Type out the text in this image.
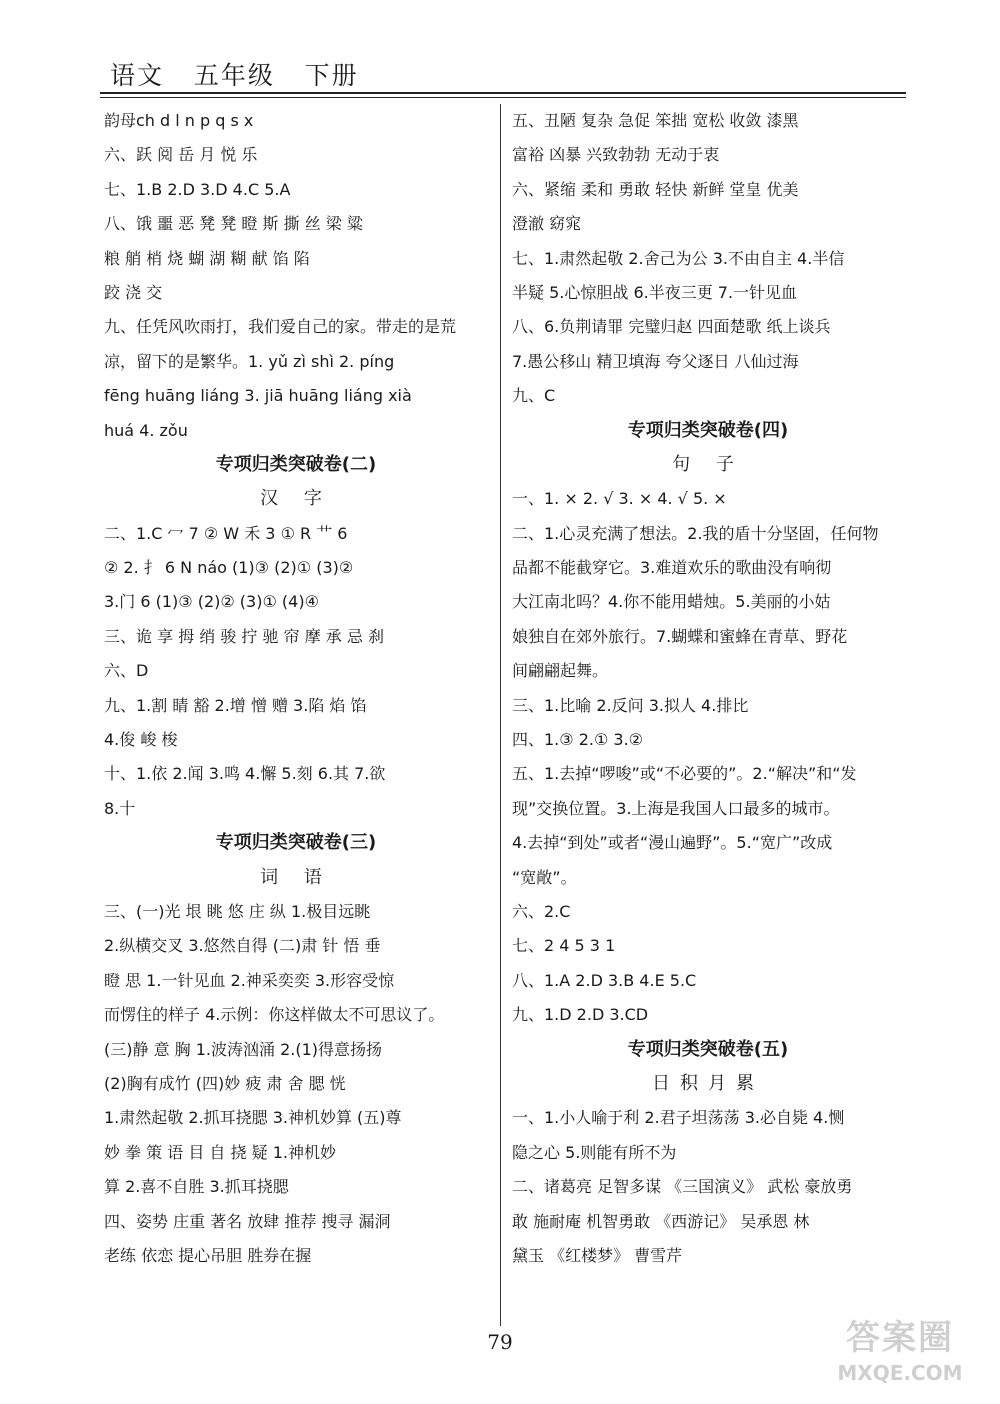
语文   五年级   下册
韵母ch d l n p q s x
六、跃 阅 岳 月 悦 乐
七、1.B 2.D 3.D 4.C 5.A
八、饿 噩 恶 凳 凳 瞪 斯 撕 丝 梁 粱
粮 艄 梢 烧 蝴 湖 糊 献 馅 陷
跤 浇 交
九、任凭风吹雨打，我们爱自己的家。带走的是荒
凉，留下的是繁华。1. yǔ zì shì 2. píng
fēng huāng liáng 3. jiā huāng liáng xià
huá 4. zǒu
专项归类突破卷(二)
汉 字
二、1.C 冖 7 ② W 禾 3 ① R 艹 6
② 2. 扌 6 N náo (1)③ (2)① (3)②
3.门 6 (1)③ (2)② (3)① (4)④
三、诡 享 拇 绡 骏 拧 驰 帘 摩 承 忌 刹
六、D
九、1.割 睛 豁 2.增 憎 赠 3.陷 焰 馅
4.俊 峻 梭
十、1.依 2.闻 3.鸣 4.懈 5.刻 6.其 7.欲
8.十
专项归类突破卷(三)
词 语
三、(一)光 垠 眺 悠 庄 纵 1.极目远眺
2.纵横交叉 3.悠然自得 (二)肃 针 悟 垂
瞪 思 1.一针见血 2.神采奕奕 3.形容受惊
而愣住的样子 4.示例：你这样做太不可思议了。
(三)静 意 胸 1.波涛汹涌 2.(1)得意扬扬
(2)胸有成竹 (四)妙 疲 肃 舍 腮 恍
1.肃然起敬 2.抓耳挠腮 3.神机妙算 (五)尊
妙 拳 策 语 目 自 挠 疑 1.神机妙
算 2.喜不自胜 3.抓耳挠腮
四、姿势 庄重 著名 放肆 推荐 搜寻 漏洞
老练 依恋 提心吊胆 胜券在握
五、丑陋 复杂 急促 笨拙 宽松 收敛 漆黑
富裕 凶暴 兴致勃勃 无动于衷
六、紧缩 柔和 勇敢 轻快 新鲜 堂皇 优美
澄澈 窈窕
七、1.肃然起敬 2.舍己为公 3.不由自主 4.半信
半疑 5.心惊胆战 6.半夜三更 7.一针见血
八、6.负荆请罪 完璧归赵 四面楚歌 纸上谈兵
7.愚公移山 精卫填海 夸父逐日 八仙过海
九、C
专项归类突破卷(四)
句 子
一、1. × 2. √ 3. × 4. √ 5. ×
二、1.心灵充满了想法。2.我的盾十分坚固，任何物
品都不能截穿它。3.难道欢乐的歌曲没有响彻
大江南北吗？4.你不能用蜡烛。5.美丽的小姑
娘独自在郊外旅行。7.蝴蝶和蜜蜂在青草、野花
间翩翩起舞。
三、1.比喻 2.反问 3.拟人 4.排比
四、1.③ 2.① 3.②
五、1.去掉“啰唆”或“不必要的”。2.“解决”和“发
现”交换位置。3.上海是我国人口最多的城市。
4.去掉“到处”或者“漫山遍野”。5.“宽广”改成
“宽敞”。
六、2.C
七、2 4 5 3 1
八、1.A 2.D 3.B 4.E 5.C
九、1.D 2.D 3.CD
专项归类突破卷(五)
日积月累
一、1.小人喻于利 2.君子坦荡荡 3.必自毙 4.恻
隐之心 5.则能有所不为
二、诸葛亮 足智多谋 《三国演义》 武松 豪放勇
敢 施耐庵 机智勇敢 《西游记》 吴承恩 林
黛玉 《红楼梦》 曹雪芹
79	答案圈
MXQE.COM
